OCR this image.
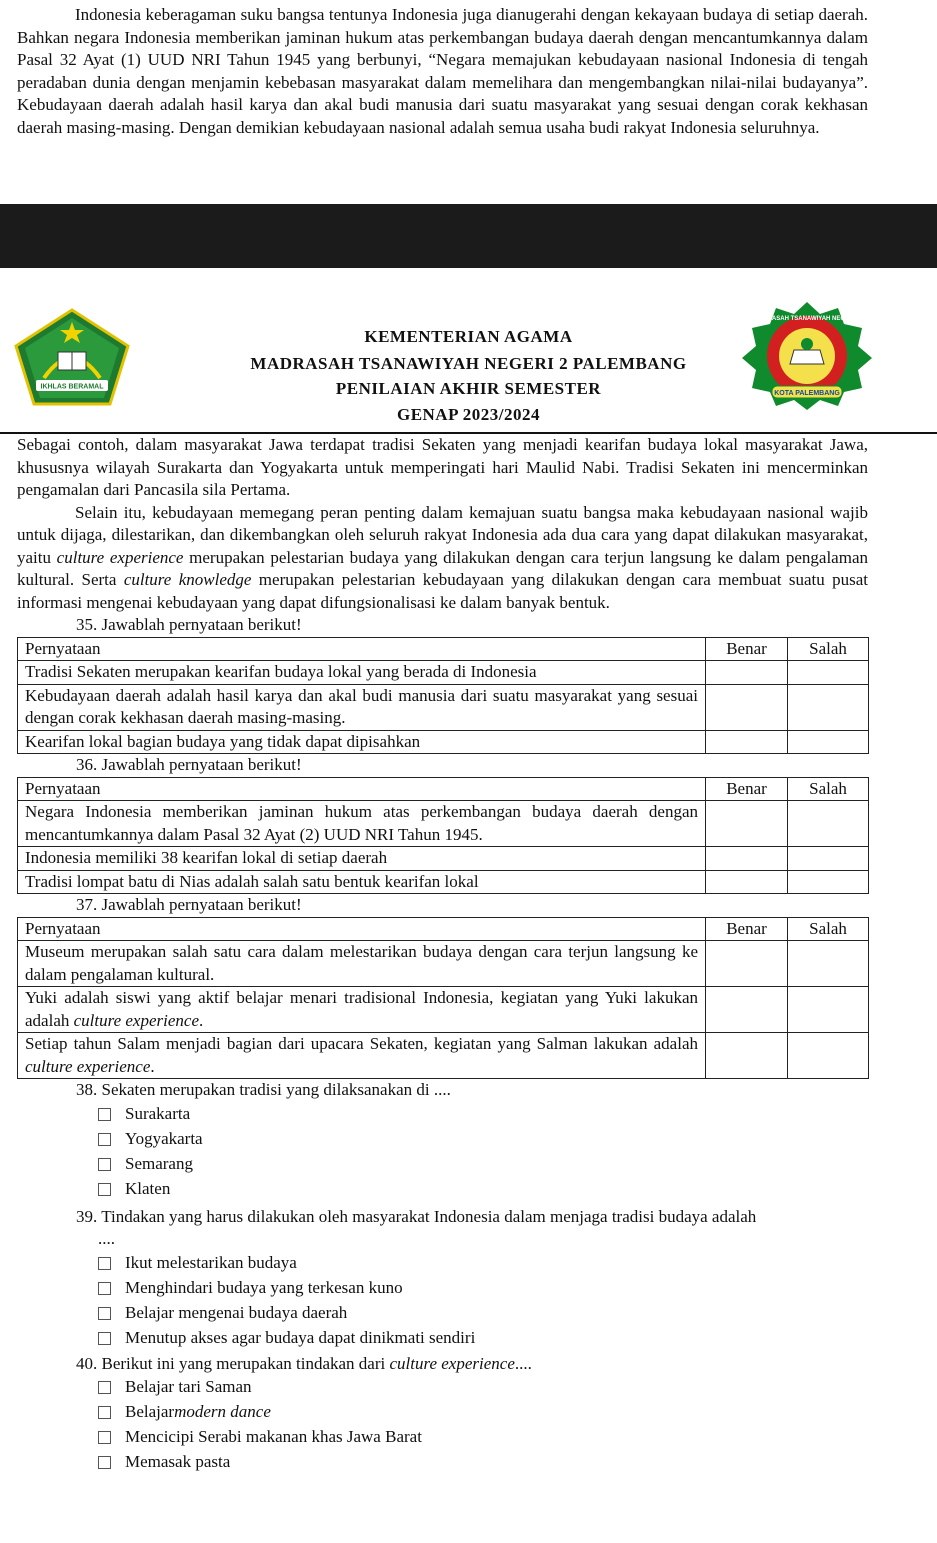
Indonesia keberagaman suku bangsa tentunya Indonesia juga dianugerahi dengan kekayaan budaya di setiap daerah. Bahkan negara Indonesia memberikan jaminan hukum atas perkembangan budaya daerah dengan mencantumkannya dalam Pasal 32 Ayat (1) UUD NRI Tahun 1945 yang berbunyi, “Negara memajukan kebudayaan nasional Indonesia di tengah peradaban dunia dengan menjamin kebebasan masyarakat dalam memelihara dan mengembangkan nilai-nilai budayanya”. Kebudayaan daerah adalah hasil karya dan akal budi manusia dari suatu masyarakat yang sesuai dengan corak kekhasan daerah masing-masing. Dengan demikian kebudayaan nasional adalah semua usaha budi rakyat Indonesia seluruhnya.

IKHLAS BERAMAL
KEMENTERIAN AGAMA
MADRASAH TSANAWIYAH NEGERI 2 PALEMBANG
PENILAIAN AKHIR SEMESTER
GENAP 2023/2024
MADRASAH TSANAWIYAH NEGERI 2
KOTA PALEMBANG

Sebagai contoh, dalam masyarakat Jawa terdapat tradisi Sekaten yang menjadi kearifan budaya lokal masyarakat Jawa, khususnya wilayah Surakarta dan Yogyakarta untuk memperingati hari Maulid Nabi. Tradisi Sekaten ini mencerminkan pengamalan dari Pancasila sila Pertama.

Selain itu, kebudayaan memegang peran penting dalam kemajuan suatu bangsa maka kebudayaan nasional wajib untuk dijaga, dilestarikan, dan dikembangkan oleh seluruh rakyat Indonesia ada dua cara yang dapat dilakukan masyarakat, yaitu culture experience merupakan pelestarian budaya yang dilakukan dengan cara terjun langsung ke dalam pengalaman kultural. Serta culture knowledge merupakan pelestarian kebudayaan yang dilakukan dengan cara membuat suatu pusat informasi mengenai kebudayaan yang dapat difungsionalisasi ke dalam banyak bentuk.

35. Jawablah pernyataan berikut!

Pernyataan	Benar	Salah
Tradisi Sekaten merupakan kearifan budaya lokal yang berada di Indonesia		
Kebudayaan daerah adalah hasil karya dan akal budi manusia dari suatu masyarakat yang sesuai dengan corak kekhasan daerah masing-masing.		
Kearifan lokal bagian budaya yang tidak dapat dipisahkan		

36. Jawablah pernyataan berikut!

Pernyataan	Benar	Salah
Negara Indonesia memberikan jaminan hukum atas perkembangan budaya daerah dengan mencantumkannya dalam Pasal 32 Ayat (2) UUD NRI Tahun 1945.		
Indonesia memiliki 38 kearifan lokal di setiap daerah		
Tradisi lompat batu di Nias adalah salah satu bentuk kearifan lokal		

37. Jawablah pernyataan berikut!

Pernyataan	Benar	Salah
Museum merupakan salah satu cara dalam melestarikan budaya dengan cara terjun langsung ke dalam pengalaman kultural.		
Yuki adalah siswi yang aktif belajar menari tradisional Indonesia, kegiatan yang Yuki lakukan adalah culture experience.		
Setiap tahun Salam menjadi bagian dari upacara Sekaten, kegiatan yang Salman lakukan adalah culture experience.		

38. Sekaten merupakan tradisi yang dilaksanakan di ....

Surakarta
Yogyakarta
Semarang
Klaten

39. Tindakan yang harus dilakukan oleh masyarakat Indonesia dalam menjaga tradisi budaya adalah

....

Ikut melestarikan budaya
Menghindari budaya yang terkesan kuno
Belajar mengenai budaya daerah
Menutup akses agar budaya dapat dinikmati sendiri

40. Berikut ini yang merupakan tindakan dari culture experience....

Belajar tari Saman
Belajar modern dance
Mencicipi Serabi makanan khas Jawa Barat
Memasak pasta
